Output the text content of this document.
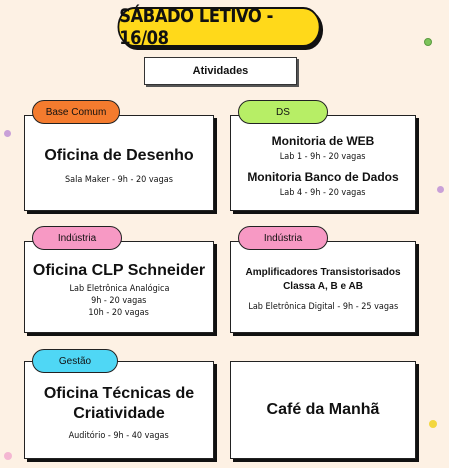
SÁBADO LETIVO - 16/08
Atividades
Base Comum
Oficina de Desenho
Sala Maker - 9h - 20 vagas
DS
Monitoria de WEB
Lab 1 - 9h - 20 vagas
Monitoria Banco de Dados
Lab 4 - 9h - 20 vagas
Indústria
Oficina CLP Schneider
Lab Eletrônica Analógica
9h - 20 vagas
10h - 20 vagas
Indústria
Amplificadores Transistorisados
Classa A, B e AB
Lab Eletrônica Digital - 9h - 25 vagas
Gestão
Oficina Técnicas de
Criatividade
Auditório - 9h - 40 vagas
Café da Manhã
